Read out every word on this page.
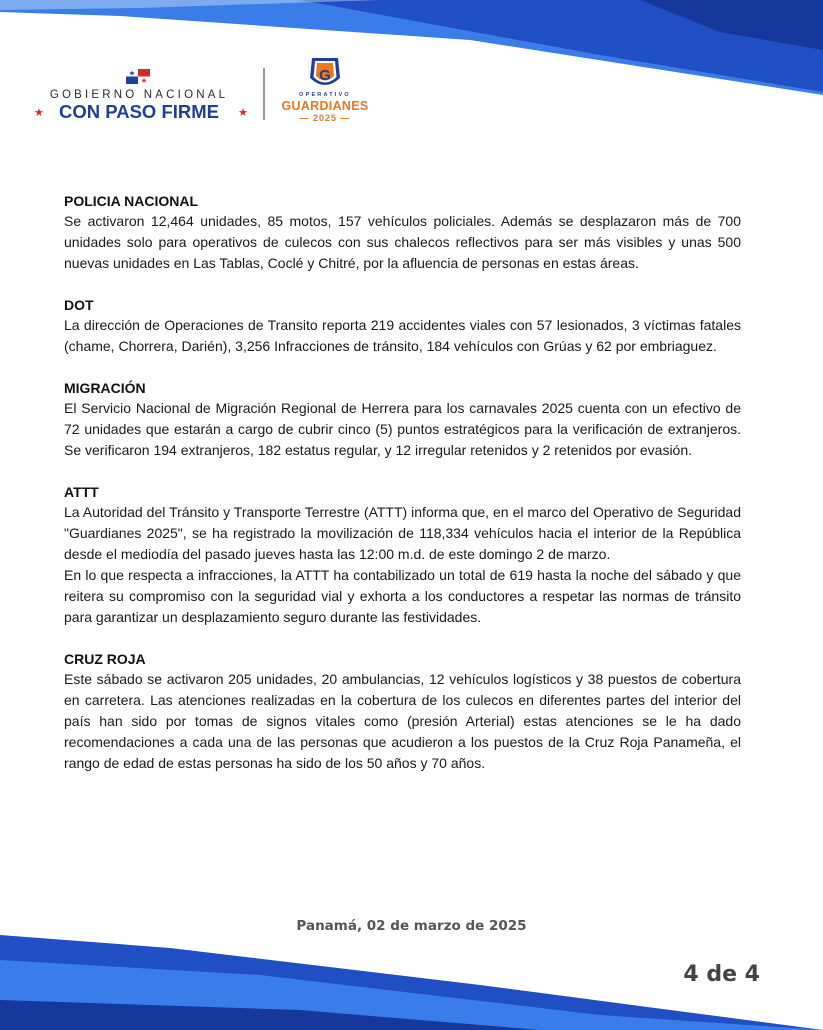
GOBIERNO NACIONAL
★ CON PASO FIRME	★
G
OPERATIVO
GUARDIANES
— 2025 —
POLICIA NACIONAL

Se activaron 12,464 unidades, 85 motos, 157 vehículos policiales. Además se desplazaron más de 700 unidades solo para operativos de culecos con sus chalecos reflectivos para ser más visibles y unas 500 nuevas unidades en Las Tablas, Coclé y Chitré, por la afluencia de personas en estas áreas.

DOT

La dirección de Operaciones de Transito reporta 219 accidentes viales con 57 lesionados, 3 víctimas fatales (chame, Chorrera, Darién), 3,256 Infracciones de tránsito, 184 vehículos con Grúas y 62 por embriaguez.

MIGRACIÓN

El Servicio Nacional de Migración Regional de Herrera para los carnavales 2025 cuenta con un efectivo de 72 unidades que estarán a cargo de cubrir cinco (5) puntos estratégicos para la verificación de extranjeros. Se verificaron 194 extranjeros, 182 estatus regular, y 12 irregular retenidos y 2 retenidos por evasión.

ATTT

La Autoridad del Tránsito y Transporte Terrestre (ATTT) informa que, en el marco del Operativo de Seguridad "Guardianes 2025", se ha registrado la movilización de 118,334 vehículos hacia el interior de la República desde el mediodía del pasado jueves hasta las 12:00 m.d. de este domingo 2 de marzo.

En lo que respecta a infracciones, la ATTT ha contabilizado un total de 619 hasta la noche del sábado y que reitera su compromiso con la seguridad vial y exhorta a los conductores a respetar las normas de tránsito para garantizar un desplazamiento seguro durante las festividades.

CRUZ ROJA

Este sábado se activaron 205 unidades, 20 ambulancias, 12 vehículos logísticos y 38 puestos de cobertura en carretera. Las atenciones realizadas en la cobertura de los culecos en diferentes partes del interior del país han sido por tomas de signos vitales como (presión Arterial) estas atenciones se le ha dado recomendaciones a cada una de las personas que acudieron a los puestos de la Cruz Roja Panameña, el rango de edad de estas personas ha sido de los 50 años y 70 años.

Panamá, 02 de marzo de 2025
4 de 4
